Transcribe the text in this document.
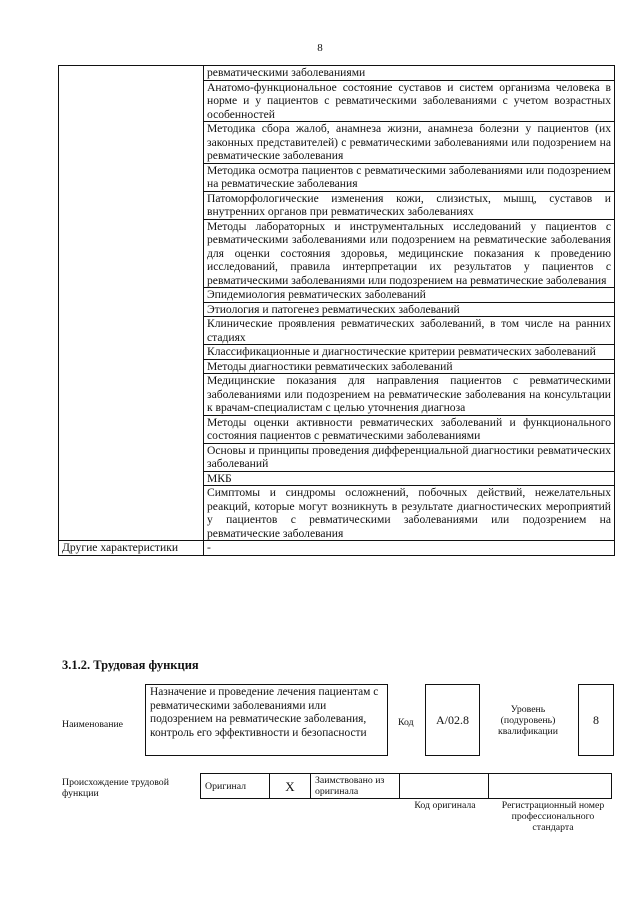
8
	ревматическими заболеваниями
	Анатомо-функциональное состояние суставов и систем организма человека в норме и у пациентов с ревматическими заболеваниями с учетом возрастных особенностей
	Методика сбора жалоб, анамнеза жизни, анамнеза болезни у пациентов (их законных представителей) с ревматическими заболеваниями или подозрением на ревматические заболевания
	Методика осмотра пациентов с ревматическими заболеваниями или подозрением на ревматические заболевания
	Патоморфологические изменения кожи, слизистых, мышц, суставов и внутренних органов при ревматических заболеваниях
	Методы лабораторных и инструментальных исследований у пациентов с ревматическими заболеваниями или подозрением на ревматические заболевания для оценки состояния здоровья, медицинские показания к проведению исследований, правила интерпретации их результатов у пациентов с ревматическими заболеваниями или подозрением на ревматические заболевания
	Эпидемиология ревматических заболеваний
	Этиология и патогенез ревматических заболеваний
	Клинические проявления ревматических заболеваний, в том числе на ранних стадиях
	Классификационные и диагностические критерии ревматических заболеваний
	Методы диагностики ревматических заболеваний
	Медицинские показания для направления пациентов с ревматическими заболеваниями или подозрением на ревматические заболевания на консультации к врачам-специалистам с целью уточнения диагноза
	Методы оценки активности ревматических заболеваний и функционального состояния пациентов с ревматическими заболеваниями
	Основы и принципы проведения дифференциальной диагностики ревматических заболеваний
	МКБ
	Симптомы и синдромы осложнений, побочных действий, нежелательных реакций, которые могут возникнуть в результате диагностических мероприятий у пациентов с ревматическими заболеваниями или подозрением на ревматические заболевания
Другие характеристики	-
3.1.2. Трудовая функция
Наименование
Назначение и проведение лечения пациентам с ревматическими заболеваниями или подозрением на ревматические заболевания, контроль его эффективности и безопасности
Код	A/02.8
Уровень (подуровень) квалификации
8
Происхождение трудовой функции
Оригинал	X	Заимствовано из оригинала		
Код оригинала	Регистрационный номер профессионального стандарта
